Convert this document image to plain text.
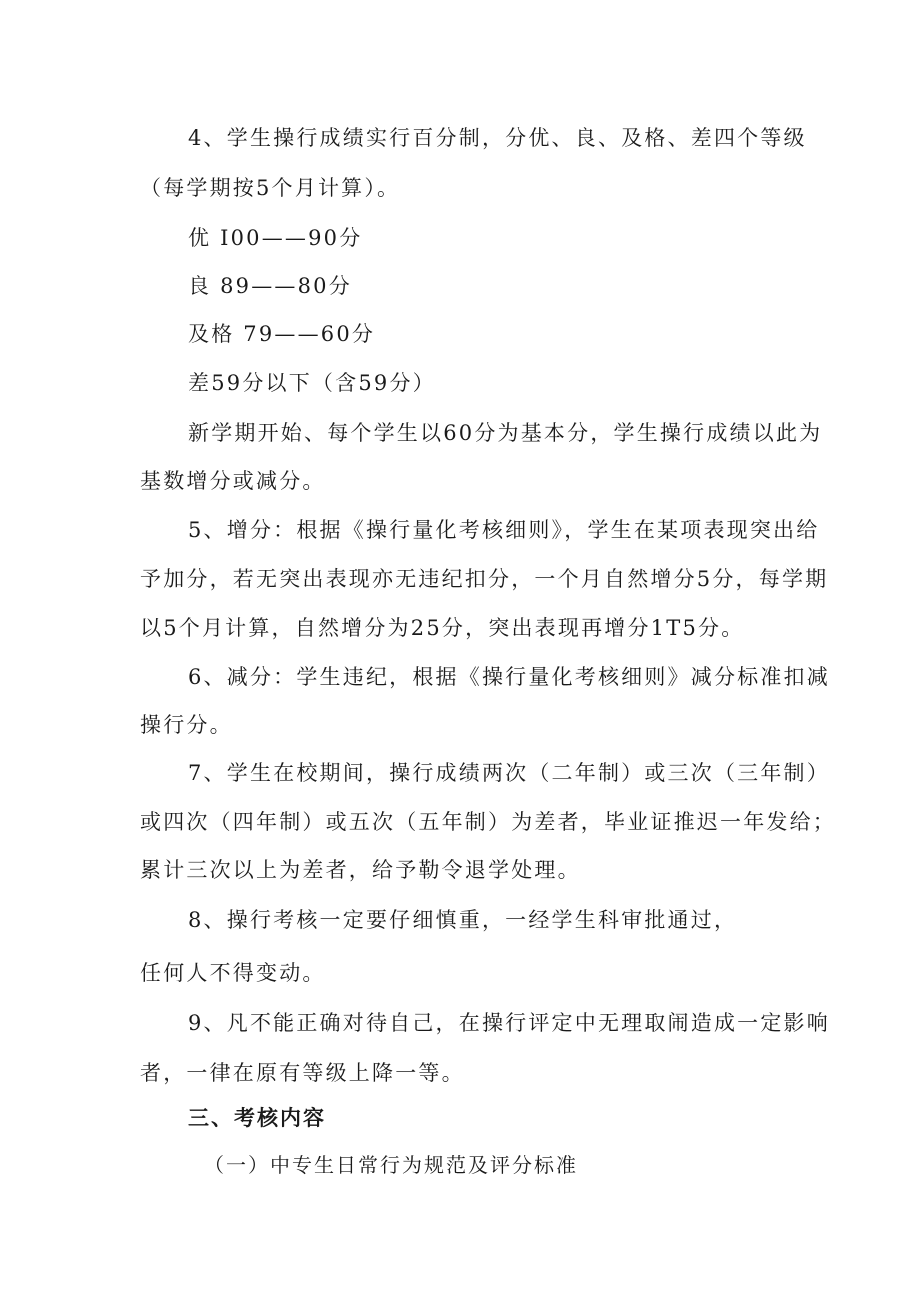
4、学生操行成绩实行百分制，分优、良、及格、差四个等级
（每学期按5个月计算）。
优 I00——90分
良 89——80分
及格 79——60分
差59分以下（含59分）
新学期开始、每个学生以60分为基本分，学生操行成绩以此为
基数增分或减分。
5、增分：根据《操行量化考核细则》，学生在某项表现突出给
予加分，若无突出表现亦无违纪扣分，一个月自然增分5分，每学期
以5个月计算，自然增分为25分，突出表现再增分1T5分。
6、减分：学生违纪，根据《操行量化考核细则》减分标准扣减
操行分。
7、学生在校期间，操行成绩两次（二年制）或三次（三年制）
或四次（四年制）或五次（五年制）为差者，毕业证推迟一年发给；
累计三次以上为差者，给予勒令退学处理。
8、操行考核一定要仔细慎重，一经学生科审批通过，
任何人不得变动。
9、凡不能正确对待自己，在操行评定中无理取闹造成一定影响
者，一律在原有等级上降一等。
三、考核内容
（一）中专生日常行为规范及评分标准
